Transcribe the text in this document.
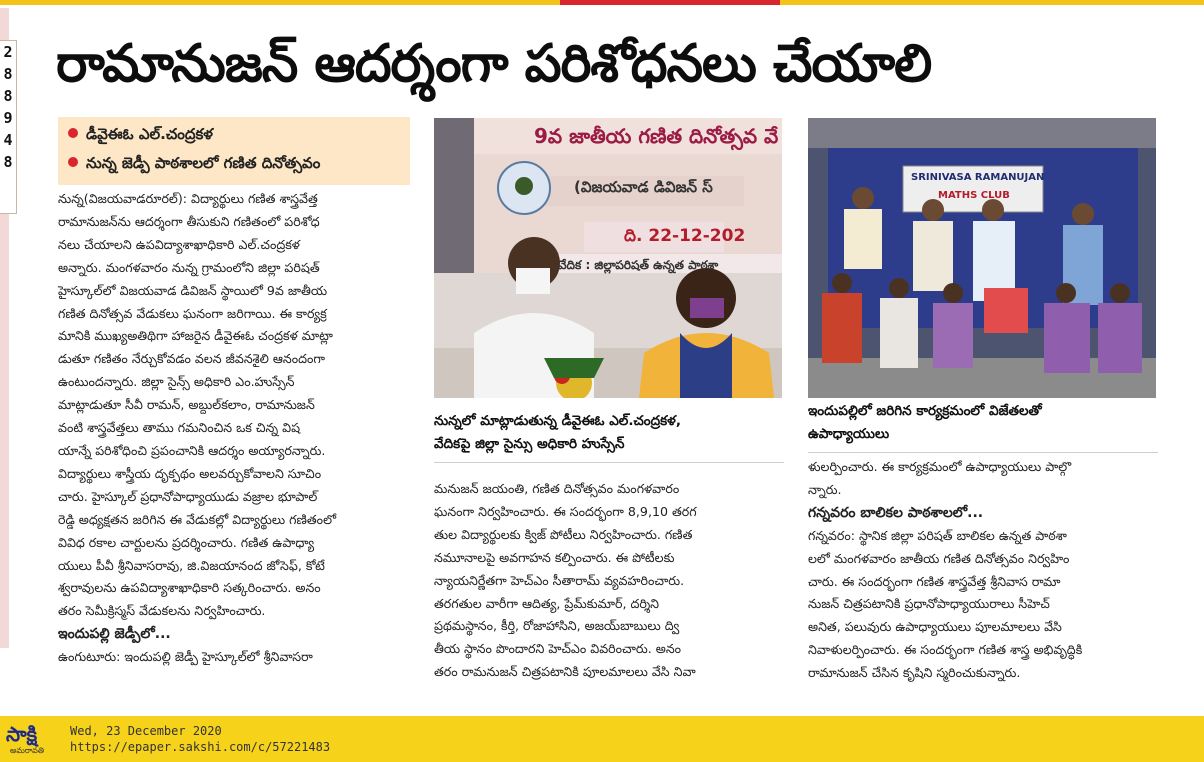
2
8
8
9
4
8
రామానుజన్ ఆదర్శంగా పరిశోధనలు చేయాలి
డీవైఈఓ ఎల్.చంద్రకళ
నున్న జెడ్పీ పాఠశాలలో గణిత దినోత్సవం

నున్న(విజయవాడరూరల్): విద్యార్థులు గణిత శాస్త్రవేత్త

రామానుజన్‌ను ఆదర్శంగా తీసుకుని గణితంలో పరిశోధ

నలు చేయాలని ఉపవిద్యాశాఖాధికారి ఎల్.చంద్రకళ

అన్నారు. మంగళవారం నున్న గ్రామంలోని జిల్లా పరిషత్

హైస్కూల్‌లో విజయవాడ డివిజన్ స్థాయిలో 9వ జాతీయ

గణిత దినోత్సవ వేడుకలు ఘనంగా జరిగాయి. ఈ కార్యక్ర

మానికి ముఖ్యఅతిథిగా హాజరైన డీవైఈఓ చంద్రకళ మాట్లా

డుతూ గణితం నేర్చుకోవడం వలన జీవనశైలి ఆనందంగా

ఉంటుందన్నారు. జిల్లా సైన్స్ అధికారి ఎం.హుస్సేన్

మాట్లాడుతూ సీవీ రామన్, అబ్దుల్‌కలాం, రామానుజన్

వంటి శాస్త్రవేత్తలు తాము గమనించిన ఒక చిన్న విష

యాన్నే పరిశోధించి ప్రపంచానికి ఆదర్శం అయ్యారన్నారు.

విద్యార్థులు శాస్త్రీయ దృక్పథం అలవర్చుకోవాలని సూచిం

చారు. హైస్కూల్ ప్రధానోపాధ్యాయుడు వజ్రాల భూపాల్

రెడ్డి అధ్యక్షతన జరిగిన ఈ వేడుకల్లో విద్యార్థులు గణితంలో

వివిధ రకాల చార్టులను ప్రదర్శించారు. గణిత ఉపాధ్యా

యులు పీవీ శ్రీనివాసరావు, జి.విజయానంద జోసెఫ్, కోటే

శ్వరావులను ఉపవిద్యాశాఖాధికారి సత్కరించారు. అనం

తరం సెమీక్రిస్మస్ వేడుకలను నిర్వహించారు.

ఇందుపల్లి జెడ్పీలో...

ఉంగుటూరు: ఇందుపల్లి జెడ్పీ హైస్కూల్‌లో శ్రీనివాసరా

9వ జాతీయ గణిత దినోత్సవ వే
(విజయవాడ డివిజన్ స్
ది. 22-12-202
వేదిక : జిల్లాపరిషత్ ఉన్నత పాఠశా
నున్నలో మాట్లాడుతున్న డీవైఈఓ ఎల్.చంద్రకళ,
వేదికపై జిల్లా సైన్సు అధికారి హుస్సేన్

మనుజన్ జయంతి, గణిత దినోత్సవం మంగళవారం

ఘనంగా నిర్వహించారు. ఈ సందర్భంగా 8,9,10 తరగ

తుల విద్యార్థులకు క్విజ్ పోటీలు నిర్వహించారు. గణిత

నమూనాలపై అవగాహన కల్పించారు. ఈ పోటీలకు

న్యాయనిర్ణేతగా హెచ్‌ఎం సీతారామ్ వ్యవహరించారు.

తరగతుల వారీగా ఆదిత్య, ప్రేమ్‌కుమార్, దర్శిని

ప్రథమస్థానం, కీర్తి, రోజాహాసిని, అజయ్‌బాబులు ద్వి

తీయ స్థానం పొందారని హెచ్‌ఎం వివరించారు. అనం

తరం రామనుజన్ చిత్రపటానికి పూలమాలలు వేసి నివా

SRINIVASA RAMANUJAN
MATHS CLUB
ఇందుపల్లిలో జరిగిన కార్యక్రమంలో విజేతలతో
ఉపాధ్యాయులు

ళులర్పించారు. ఈ కార్యక్రమంలో ఉపాధ్యాయులు పాల్గొ

న్నారు.

గన్నవరం బాలికల పాఠశాలలో...

గన్నవరం: స్థానిక జిల్లా పరిషత్ బాలికల ఉన్నత పాఠశా

లలో మంగళవారం జాతీయ గణిత దినోత్సవం నిర్వహిం

చారు. ఈ సందర్భంగా గణిత శాస్త్రవేత్త శ్రీనివాస రామా

నుజన్ చిత్రపటానికి ప్రధానోపాధ్యాయురాలు సీహెచ్

అనిత, పలువురు ఉపాధ్యాయులు పూలమాలలు వేసి

నివాళులర్పించారు. ఈ సందర్భంగా గణిత శాస్త్ర అభివృద్ధికి

రామానుజన్ చేసిన కృషిని స్మరించుకున్నారు.

సాక్షి
అమరావతి
Wed, 23 December 2020
https://epaper.sakshi.com/c/57221483
